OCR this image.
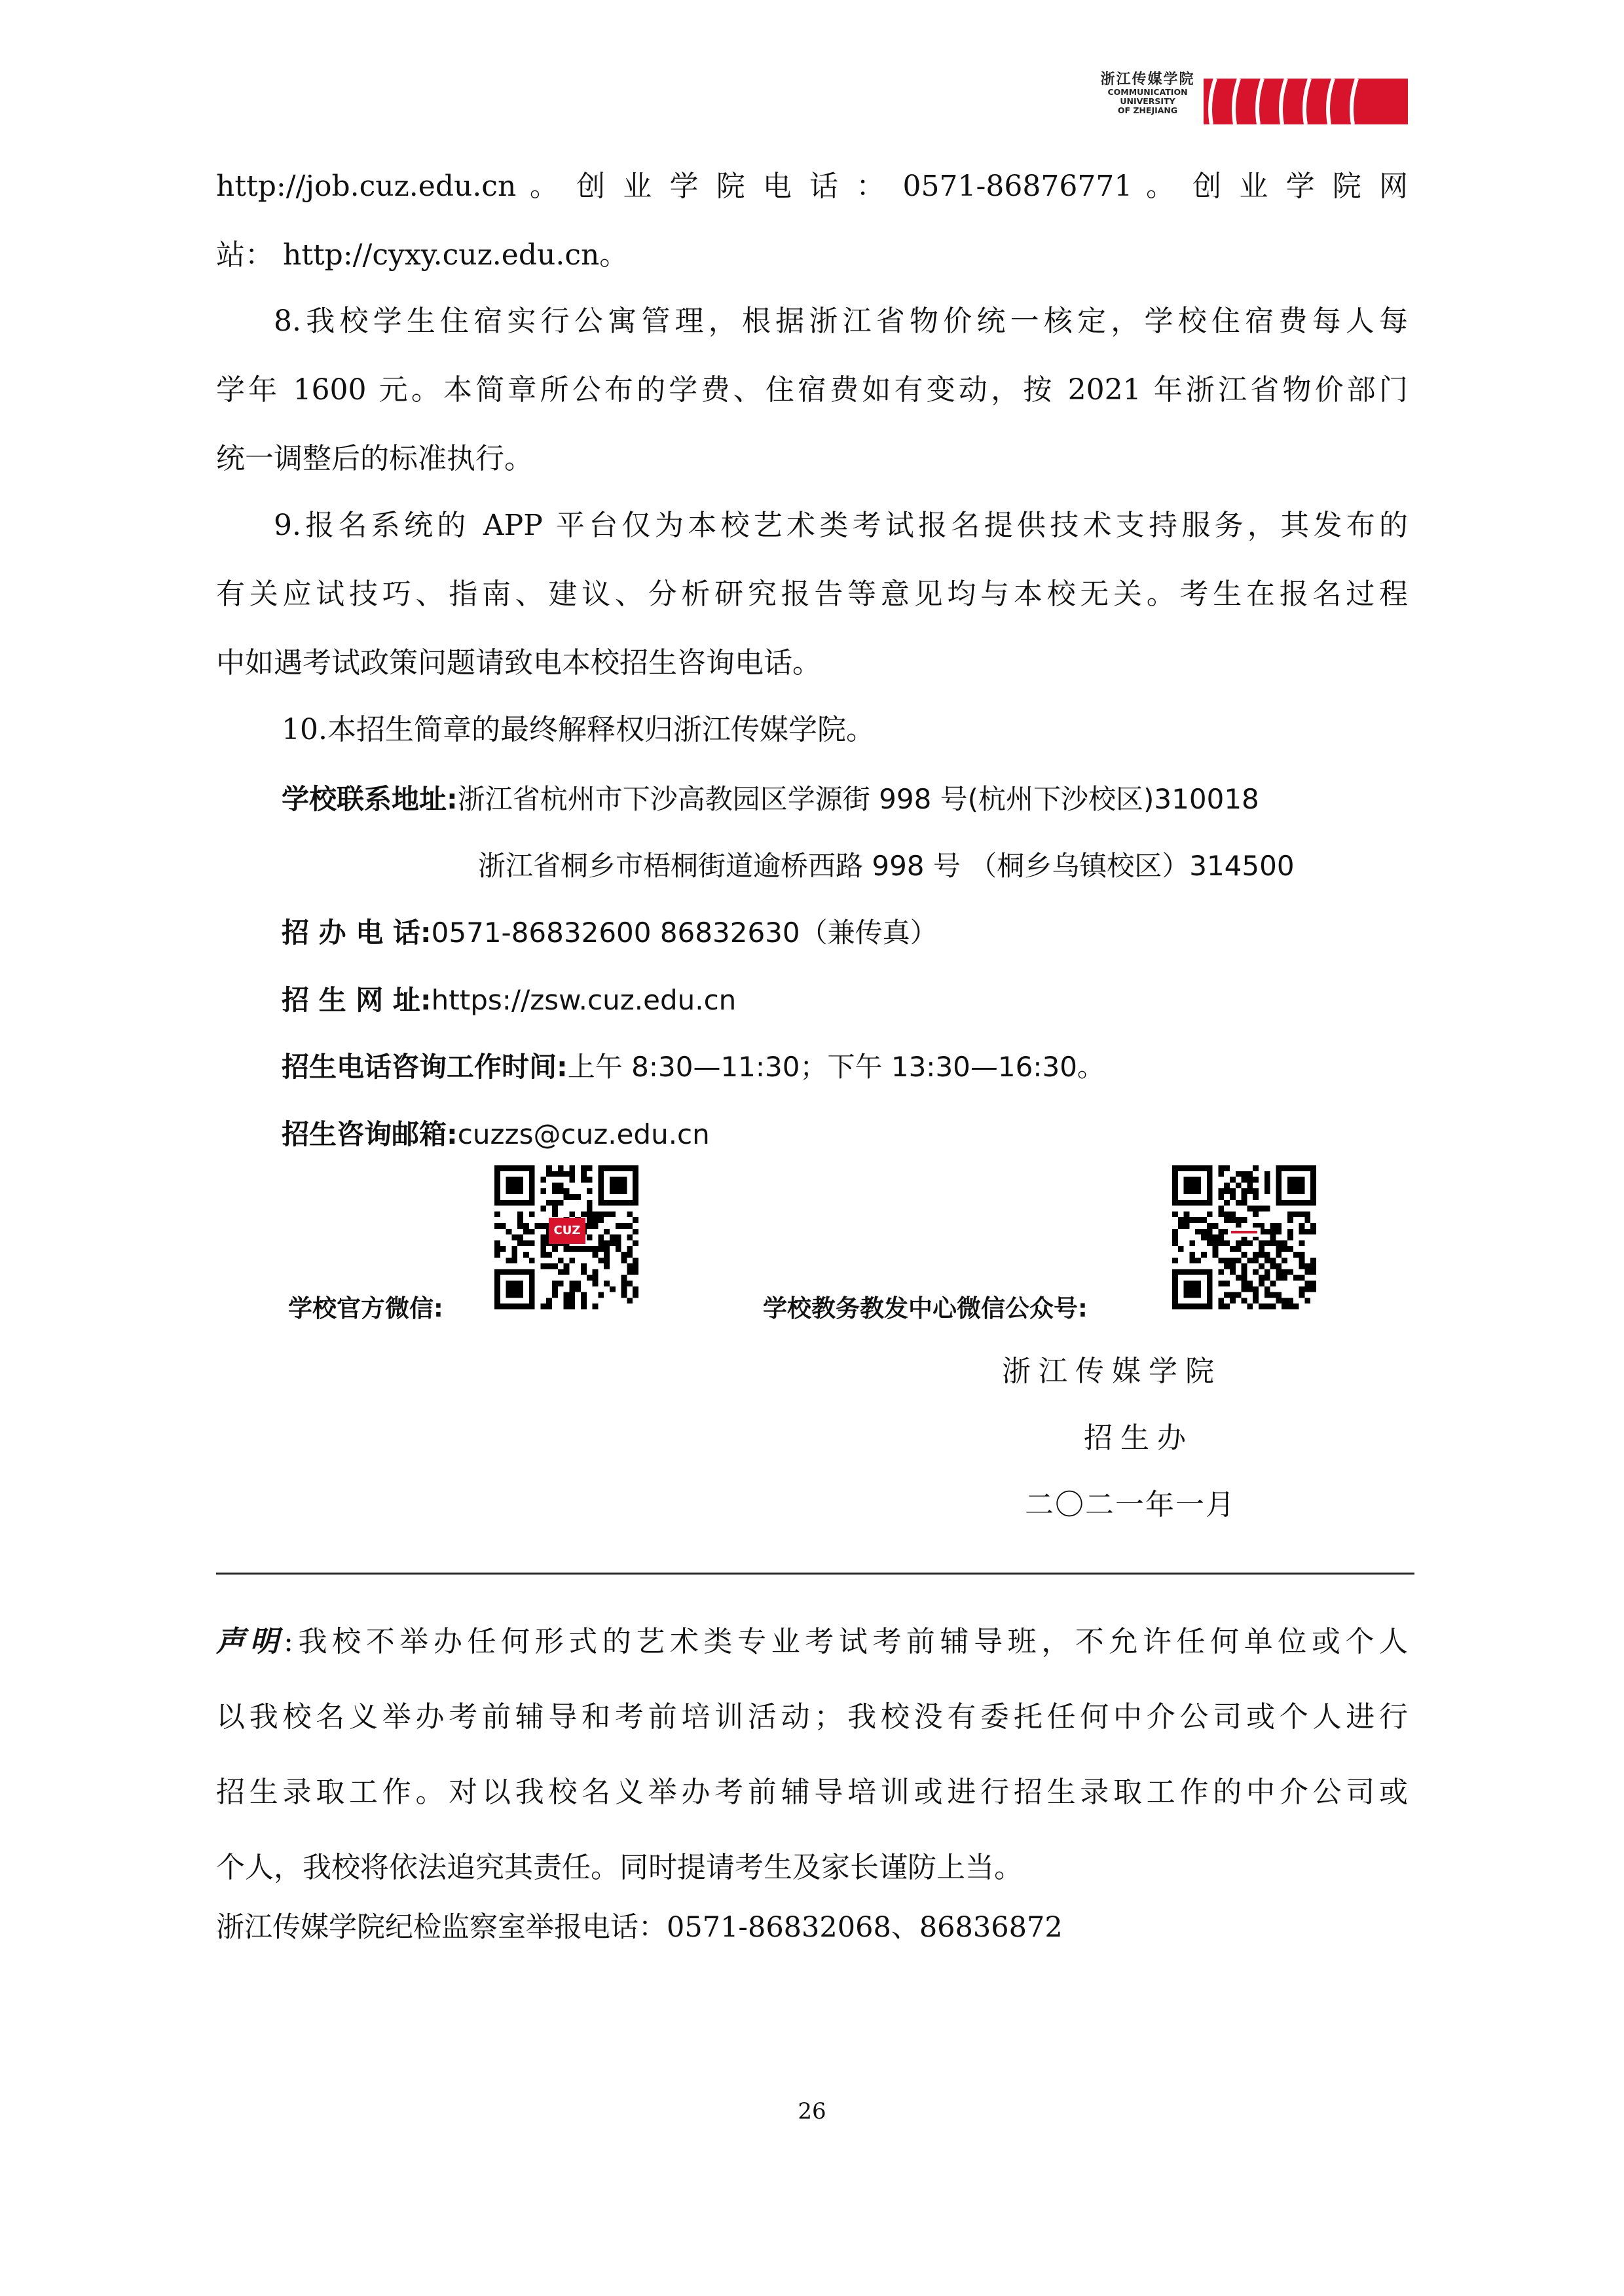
浙江传媒学院
COMMUNICATION
UNIVERSITY
OF ZHEJIANG
http://job.cuz.edu.cn 。 创 业 学 院 电 话 ： 0571-86876771 。 创 业 学 院 网
站： http://cyxy.cuz.edu.cn。
8.我校学生住宿实行公寓管理，根据浙江省物价统一核定，学校住宿费每人每
学年 1600 元。本简章所公布的学费、住宿费如有变动，按 2021 年浙江省物价部门
统一调整后的标准执行。
9.报名系统的 APP 平台仅为本校艺术类考试报名提供技术支持服务，其发布的
有关应试技巧、指南、建议、分析研究报告等意见均与本校无关。考生在报名过程
中如遇考试政策问题请致电本校招生咨询电话。
10.本招生简章的最终解释权归浙江传媒学院。
学校联系地址:浙江省杭州市下沙高教园区学源街 998 号(杭州下沙校区)310018
浙江省桐乡市梧桐街道逾桥西路 998 号 （桐乡乌镇校区）314500
招 办 电 话:0571-86832600 86832630（兼传真）
招 生 网 址:https://zsw.cuz.edu.cn
招生电话咨询工作时间:上午 8:30—11:30；下午 13:30—16:30。
招生咨询邮箱:cuzzs@cuz.edu.cn
学校官方微信:
CUZ
学校教务教发中心微信公众号:
浙江传媒学院
招生办
二〇二一年一月
声明:我校不举办任何形式的艺术类专业考试考前辅导班，不允许任何单位或个人
以我校名义举办考前辅导和考前培训活动；我校没有委托任何中介公司或个人进行
招生录取工作。对以我校名义举办考前辅导培训或进行招生录取工作的中介公司或
个人，我校将依法追究其责任。同时提请考生及家长谨防上当。
浙江传媒学院纪检监察室举报电话：0571-86832068、86836872
26
